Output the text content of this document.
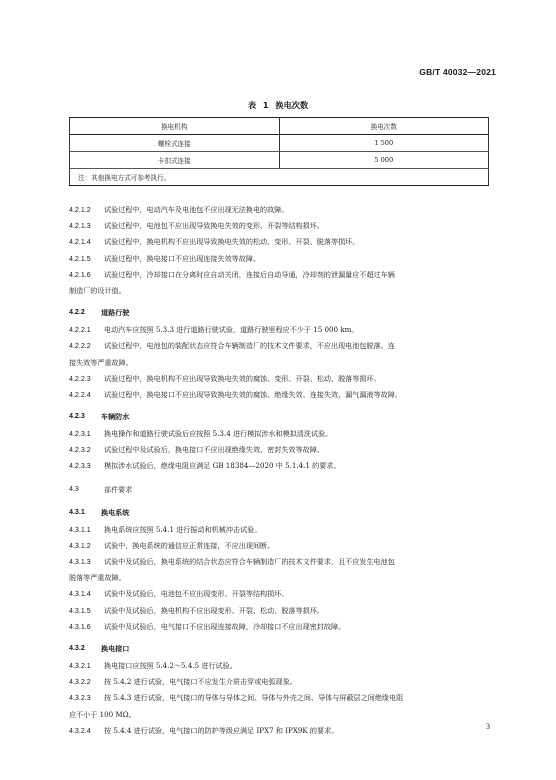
GB/T 40032—2021
表 1 换电次数
换电机构	换电次数
螺栓式连接	1 500
卡扣式连接	5 000
注：其他换电方式可参考执行。	
4.2.1.2 试验过程中，电动汽车及电池包不应出现无法换电的故障。
4.2.1.3 试验过程中，电池包不应出现导致换电失效的变形、开裂等结构损坏。
4.2.1.4 试验过程中，换电机构不应出现导致换电失效的松动、变形、开裂、脱落等损坏。
4.2.1.5 试验过程中，换电接口不应出现连接失效等故障。
4.2.1.6 试验过程中，冷却接口在分离时应自动关闭，连接后自动导通，冷却剂的泄漏量应不超过车辆
制造厂的设计值。
4.2.2 道路行驶
4.2.2.1 电动汽车应按照 5.3.3 进行道路行驶试验，道路行驶里程应不少于 15 000 km。
4.2.2.2 试验过程中，电池包的装配状态应符合车辆制造厂的技术文件要求，不应出现电池包脱落、连
接失效等严重故障。
4.2.2.3 试验过程中，换电机构不应出现导致换电失效的腐蚀、变形、开裂、松动、脱落等损坏。
4.2.2.4 试验过程中，换电接口不应出现导致换电失效的腐蚀、绝缘失效、连接失效、漏气漏液等故障。
4.2.3 车辆防水
4.2.3.1 换电操作和道路行驶试验后应按照 5.3.4 进行模拟涉水和模拟清洗试验。
4.2.3.2 试验过程中及试验后，换电接口不应出现绝缘失效、密封失效等故障。
4.2.3.3 模拟涉水试验后，绝缘电阻应满足 GB 18384—2020 中 5.1.4.1 的要求。
4.3	部件要求
4.3.1 换电系统
4.3.1.1 换电系统应按照 5.4.1 进行振动和机械冲击试验。
4.3.1.2 试验中，换电系统的通信应正常连接，不应出现间断。
4.3.1.3 试验中及试验后，换电系统的结合状态应符合车辆制造厂的技术文件要求，且不应发生电池包
脱落等严重故障。
4.3.1.4 试验中及试验后，电池包不应出现变形、开裂等结构损坏。
4.3.1.5 试验中及试验后，换电机构不应出现变形、开裂、松动、脱落等损坏。
4.3.1.6 试验中及试验后，电气接口不应出现连接故障，冷却接口不应出现密封故障。
4.3.2 换电接口
4.3.2.1 换电接口应按照 5.4.2～5.4.5 进行试验。
4.3.2.2 按 5.4.2 进行试验，电气接口不应发生介质击穿或电弧现象。
4.3.2.3 按 5.4.3 进行试验，电气接口的导体与导体之间、导体与外壳之间、导体与屏蔽层之间绝缘电阻
应不小于 100 MΩ。
4.3.2.4 按 5.4.4 进行试验，电气接口的防护等级应满足 IPX7 和 IPX9K 的要求。	3
